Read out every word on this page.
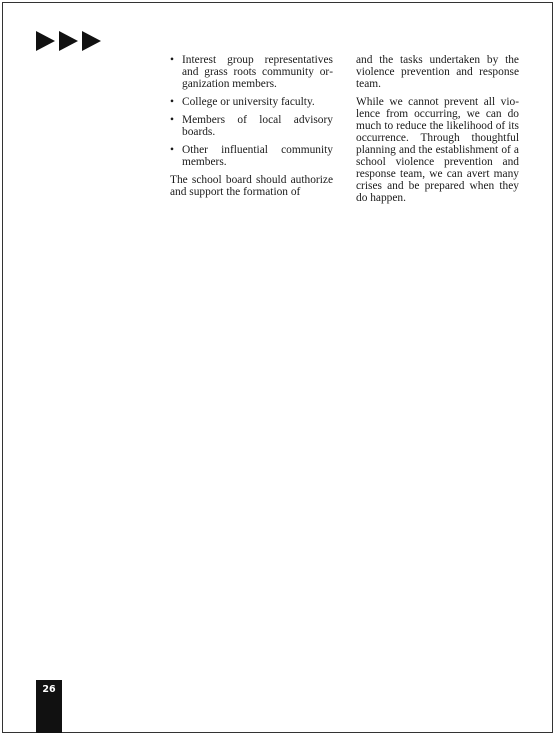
• Interest group representatives and grass roots community organization members.
• College or university faculty.
• Members of local advisory boards.
• Other influential community members.

The school board should authorize and support the formation of

and the tasks undertaken by the violence prevention and response team.

While we cannot prevent all violence from occurring, we can do much to reduce the likelihood of its occurrence. Through thoughtful planning and the establishment of a school violence prevention and response team, we can avert many crises and be prepared when they do happen.

26
